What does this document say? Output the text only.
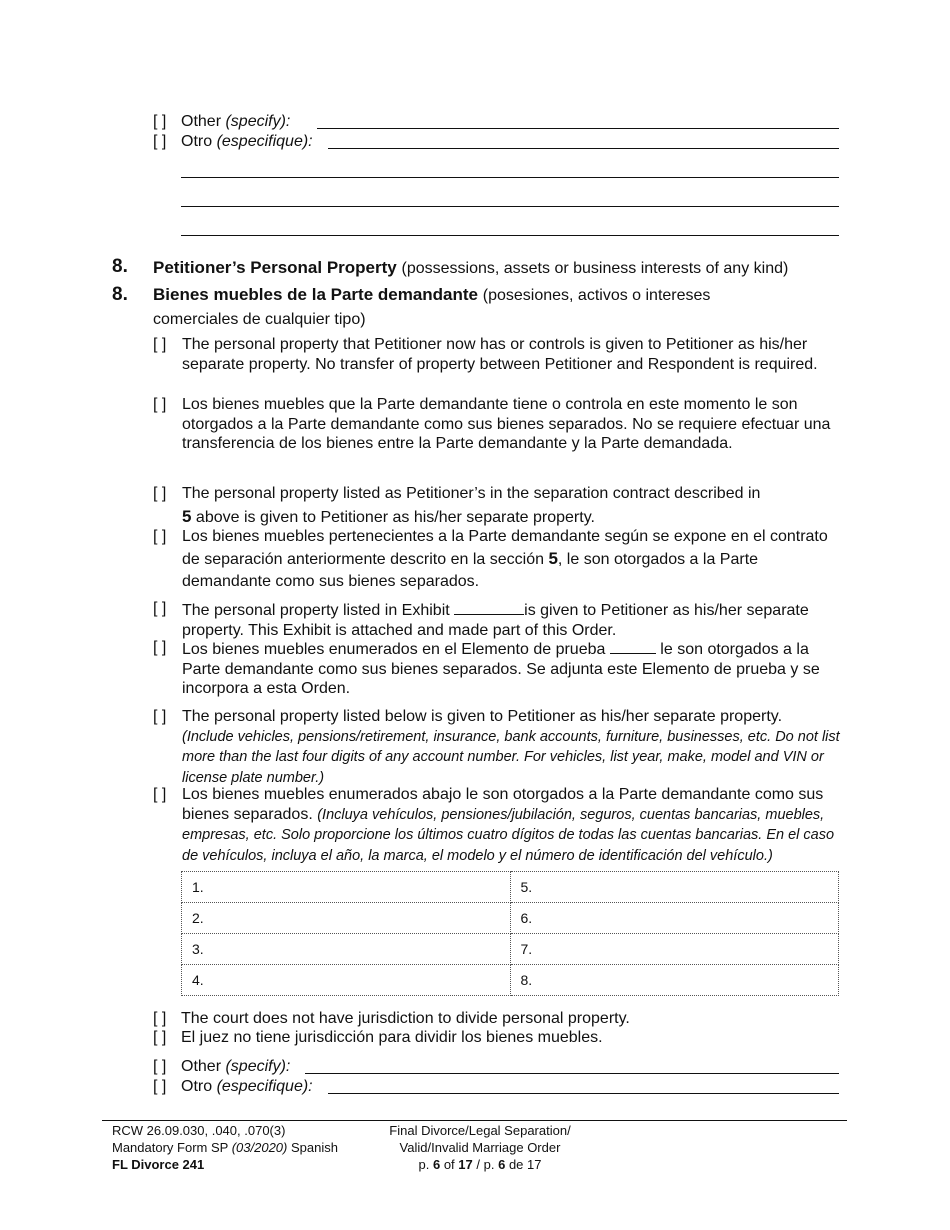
[ ] Other (specify):
[ ] Otro (especifique):
8. Petitioner’s Personal Property (possessions, assets or business interests of any kind)
8. Bienes muebles de la Parte demandante (posesiones, activos o intereses
comerciales de cualquier tipo)
[ ] The personal property that Petitioner now has or controls is given to Petitioner as his/her separate property. No transfer of property between Petitioner and Respondent is required.
[ ] Los bienes muebles que la Parte demandante tiene o controla en este momento le son otorgados a la Parte demandante como sus bienes separados. No se requiere efectuar una transferencia de los bienes entre la Parte demandante y la Parte demandada.
[ ] The personal property listed as Petitioner’s in the separation contract described in
5 above is given to Petitioner as his/her separate property.
[ ] Los bienes muebles pertenecientes a la Parte demandante según se expone en el contrato de separación anteriormente descrito en la sección 5, le son otorgados a la Parte demandante como sus bienes separados.
[ ] The personal property listed in Exhibit	is given to Petitioner as his/her separate property. This Exhibit is attached and made part of this Order.
[ ] Los bienes muebles enumerados en el Elemento de prueba	le son otorgados a la Parte demandante como sus bienes separados. Se adjunta este Elemento de prueba y se incorpora a esta Orden.
[ ] The personal property listed below is given to Petitioner as his/her separate property.
(Include vehicles, pensions/retirement, insurance, bank accounts, furniture, businesses, etc. Do not list more than the last four digits of any account number. For vehicles, list year, make, model and VIN or license plate number.)
[ ] Los bienes muebles enumerados abajo le son otorgados a la Parte demandante como sus bienes separados. (Incluya vehículos, pensiones/jubilación, seguros, cuentas bancarias, muebles, empresas, etc. Solo proporcione los últimos cuatro dígitos de todas las cuentas bancarias. En el caso de vehículos, incluya el año, la marca, el modelo y el número de identificación del vehículo.)
1.	5.
2.	6.
3.	7.
4.	8.
[ ] The court does not have jurisdiction to divide personal property.
[ ] El juez no tiene jurisdicción para dividir los bienes muebles.
[ ] Other (specify):
[ ] Otro (especifique):
RCW 26.09.030, .040, .070(3)
Mandatory Form SP (03/2020) Spanish
FL Divorce 241
Final Divorce/Legal Separation/
Valid/Invalid Marriage Order
p. 6 of 17 / p. 6 de 17
